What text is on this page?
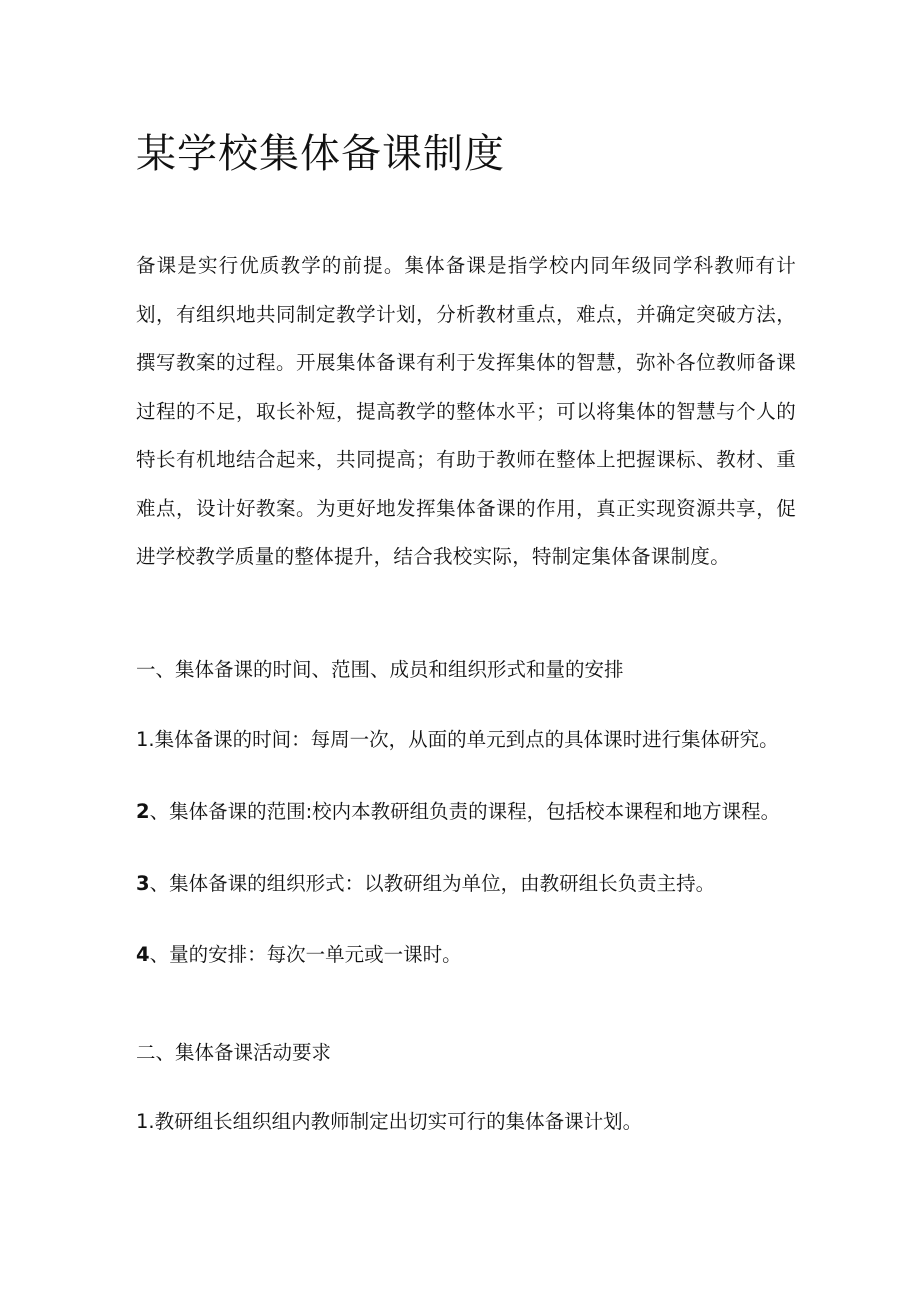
某学校集体备课制度

备课是实行优质教学的前提。集体备课是指学校内同年级同学科教师有计划，有组织地共同制定教学计划，分析教材重点，难点，并确定突破方法，撰写教案的过程。开展集体备课有利于发挥集体的智慧，弥补各位教师备课过程的不足，取长补短，提高教学的整体水平；可以将集体的智慧与个人的特长有机地结合起来，共同提高；有助于教师在整体上把握课标、教材、重难点，设计好教案。为更好地发挥集体备课的作用，真正实现资源共享，促进学校教学质量的整体提升，结合我校实际，特制定集体备课制度。

一、集体备课的时间、范围、成员和组织形式和量的安排

1.集体备课的时间：每周一次，从面的单元到点的具体课时进行集体研究。

2、集体备课的范围:校内本教研组负责的课程，包括校本课程和地方课程。

3、集体备课的组织形式：以教研组为单位，由教研组长负责主持。

4、量的安排：每次一单元或一课时。

二、集体备课活动要求

1.教研组长组织组内教师制定出切实可行的集体备课计划。
